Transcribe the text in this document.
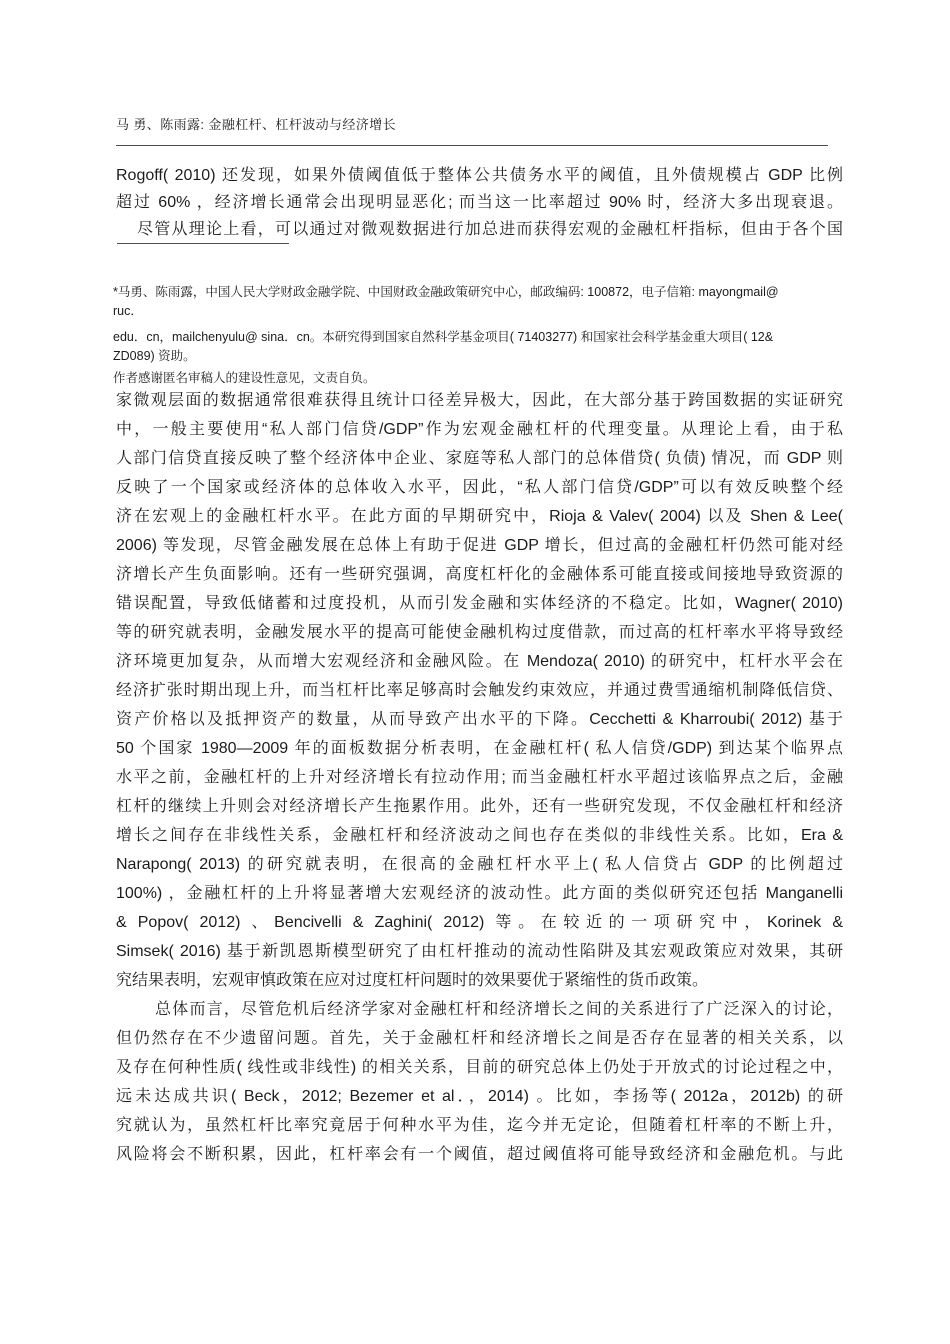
马 勇、陈雨露: 金融杠杆、杠杆波动与经济增长
Rogoff( 2010) 还发现，如果外债阈值低于整体公共债务水平的阈值，且外债规模占 GDP 比例
超过 60% ，经济增长通常会出现明显恶化; 而当这一比率超过 90% 时，经济大多出现衰退。
尽管从理论上看，可以通过对微观数据进行加总进而获得宏观的金融杠杆指标，但由于各个国
*马勇、陈雨露，中国人民大学财政金融学院、中国财政金融政策研究中心，邮政编码: 100872，电子信箱: mayongmail@
ruc．
edu．cn，mailchenyulu@ sina．cn。本研究得到国家自然科学基金项目( 71403277) 和国家社会科学基金重大项目( 12&
ZD089) 资助。
作者感谢匿名审稿人的建设性意见，文责自负。
家微观层面的数据通常很难获得且统计口径差异极大，因此，在大部分基于跨国数据的实证研究
中，一般主要使用“私人部门信贷/GDP”作为宏观金融杠杆的代理变量。从理论上看，由于私
人部门信贷直接反映了整个经济体中企业、家庭等私人部门的总体借贷( 负债) 情况，而 GDP 则
反映了一个国家或经济体的总体收入水平，因此，“私人部门信贷/GDP”可以有效反映整个经
济在宏观上的金融杠杆水平。在此方面的早期研究中，Rioja & Valev( 2004) 以及 Shen & Lee(
2006) 等发现，尽管金融发展在总体上有助于促进 GDP 增长，但过高的金融杠杆仍然可能对经
济增长产生负面影响。还有一些研究强调，高度杠杆化的金融体系可能直接或间接地导致资源的
错误配置，导致低储蓄和过度投机，从而引发金融和实体经济的不稳定。比如，Wagner( 2010)
等的研究就表明，金融发展水平的提高可能使金融机构过度借款，而过高的杠杆率水平将导致经
济环境更加复杂，从而增大宏观经济和金融风险。在 Mendoza( 2010) 的研究中，杠杆水平会在
经济扩张时期出现上升，而当杠杆比率足够高时会触发约束效应，并通过费雪通缩机制降低信贷、
资产价格以及抵押资产的数量，从而导致产出水平的下降。Cecchetti & Kharroubi( 2012) 基于
50 个国家 1980—2009 年的面板数据分析表明，在金融杠杆( 私人信贷/GDP) 到达某个临界点
水平之前，金融杠杆的上升对经济增长有拉动作用; 而当金融杠杆水平超过该临界点之后，金融
杠杆的继续上升则会对经济增长产生拖累作用。此外，还有一些研究发现，不仅金融杠杆和经济
增长之间存在非线性关系，金融杠杆和经济波动之间也存在类似的非线性关系。比如，Era &
Narapong( 2013) 的研究就表明，在很高的金融杠杆水平上( 私人信贷占 GDP 的比例超过
100%) ，金融杠杆的上升将显著增大宏观经济的波动性。此方面的类似研究还包括 Manganelli
& Popov( 2012) 、Bencivelli & Zaghini( 2012) 等。在较近的一项研究中，Korinek &
Simsek( 2016) 基于新凯恩斯模型研究了由杠杆推动的流动性陷阱及其宏观政策应对效果，其研
究结果表明，宏观审慎政策在应对过度杠杆问题时的效果要优于紧缩性的货币政策。
总体而言，尽管危机后经济学家对金融杠杆和经济增长之间的关系进行了广泛深入的讨论，
但仍然存在不少遗留问题。首先，关于金融杠杆和经济增长之间是否存在显著的相关关系，以
及存在何种性质( 线性或非线性) 的相关关系，目前的研究总体上仍处于开放式的讨论过程之中，
远未达成共识( Beck，2012; Bezemer et al．，2014) 。比如，李扬等( 2012a，2012b) 的研
究就认为，虽然杠杆比率究竟居于何种水平为佳，迄今并无定论，但随着杠杆率的不断上升，
风险将会不断积累，因此，杠杆率会有一个阈值，超过阈值将可能导致经济和金融危机。与此
